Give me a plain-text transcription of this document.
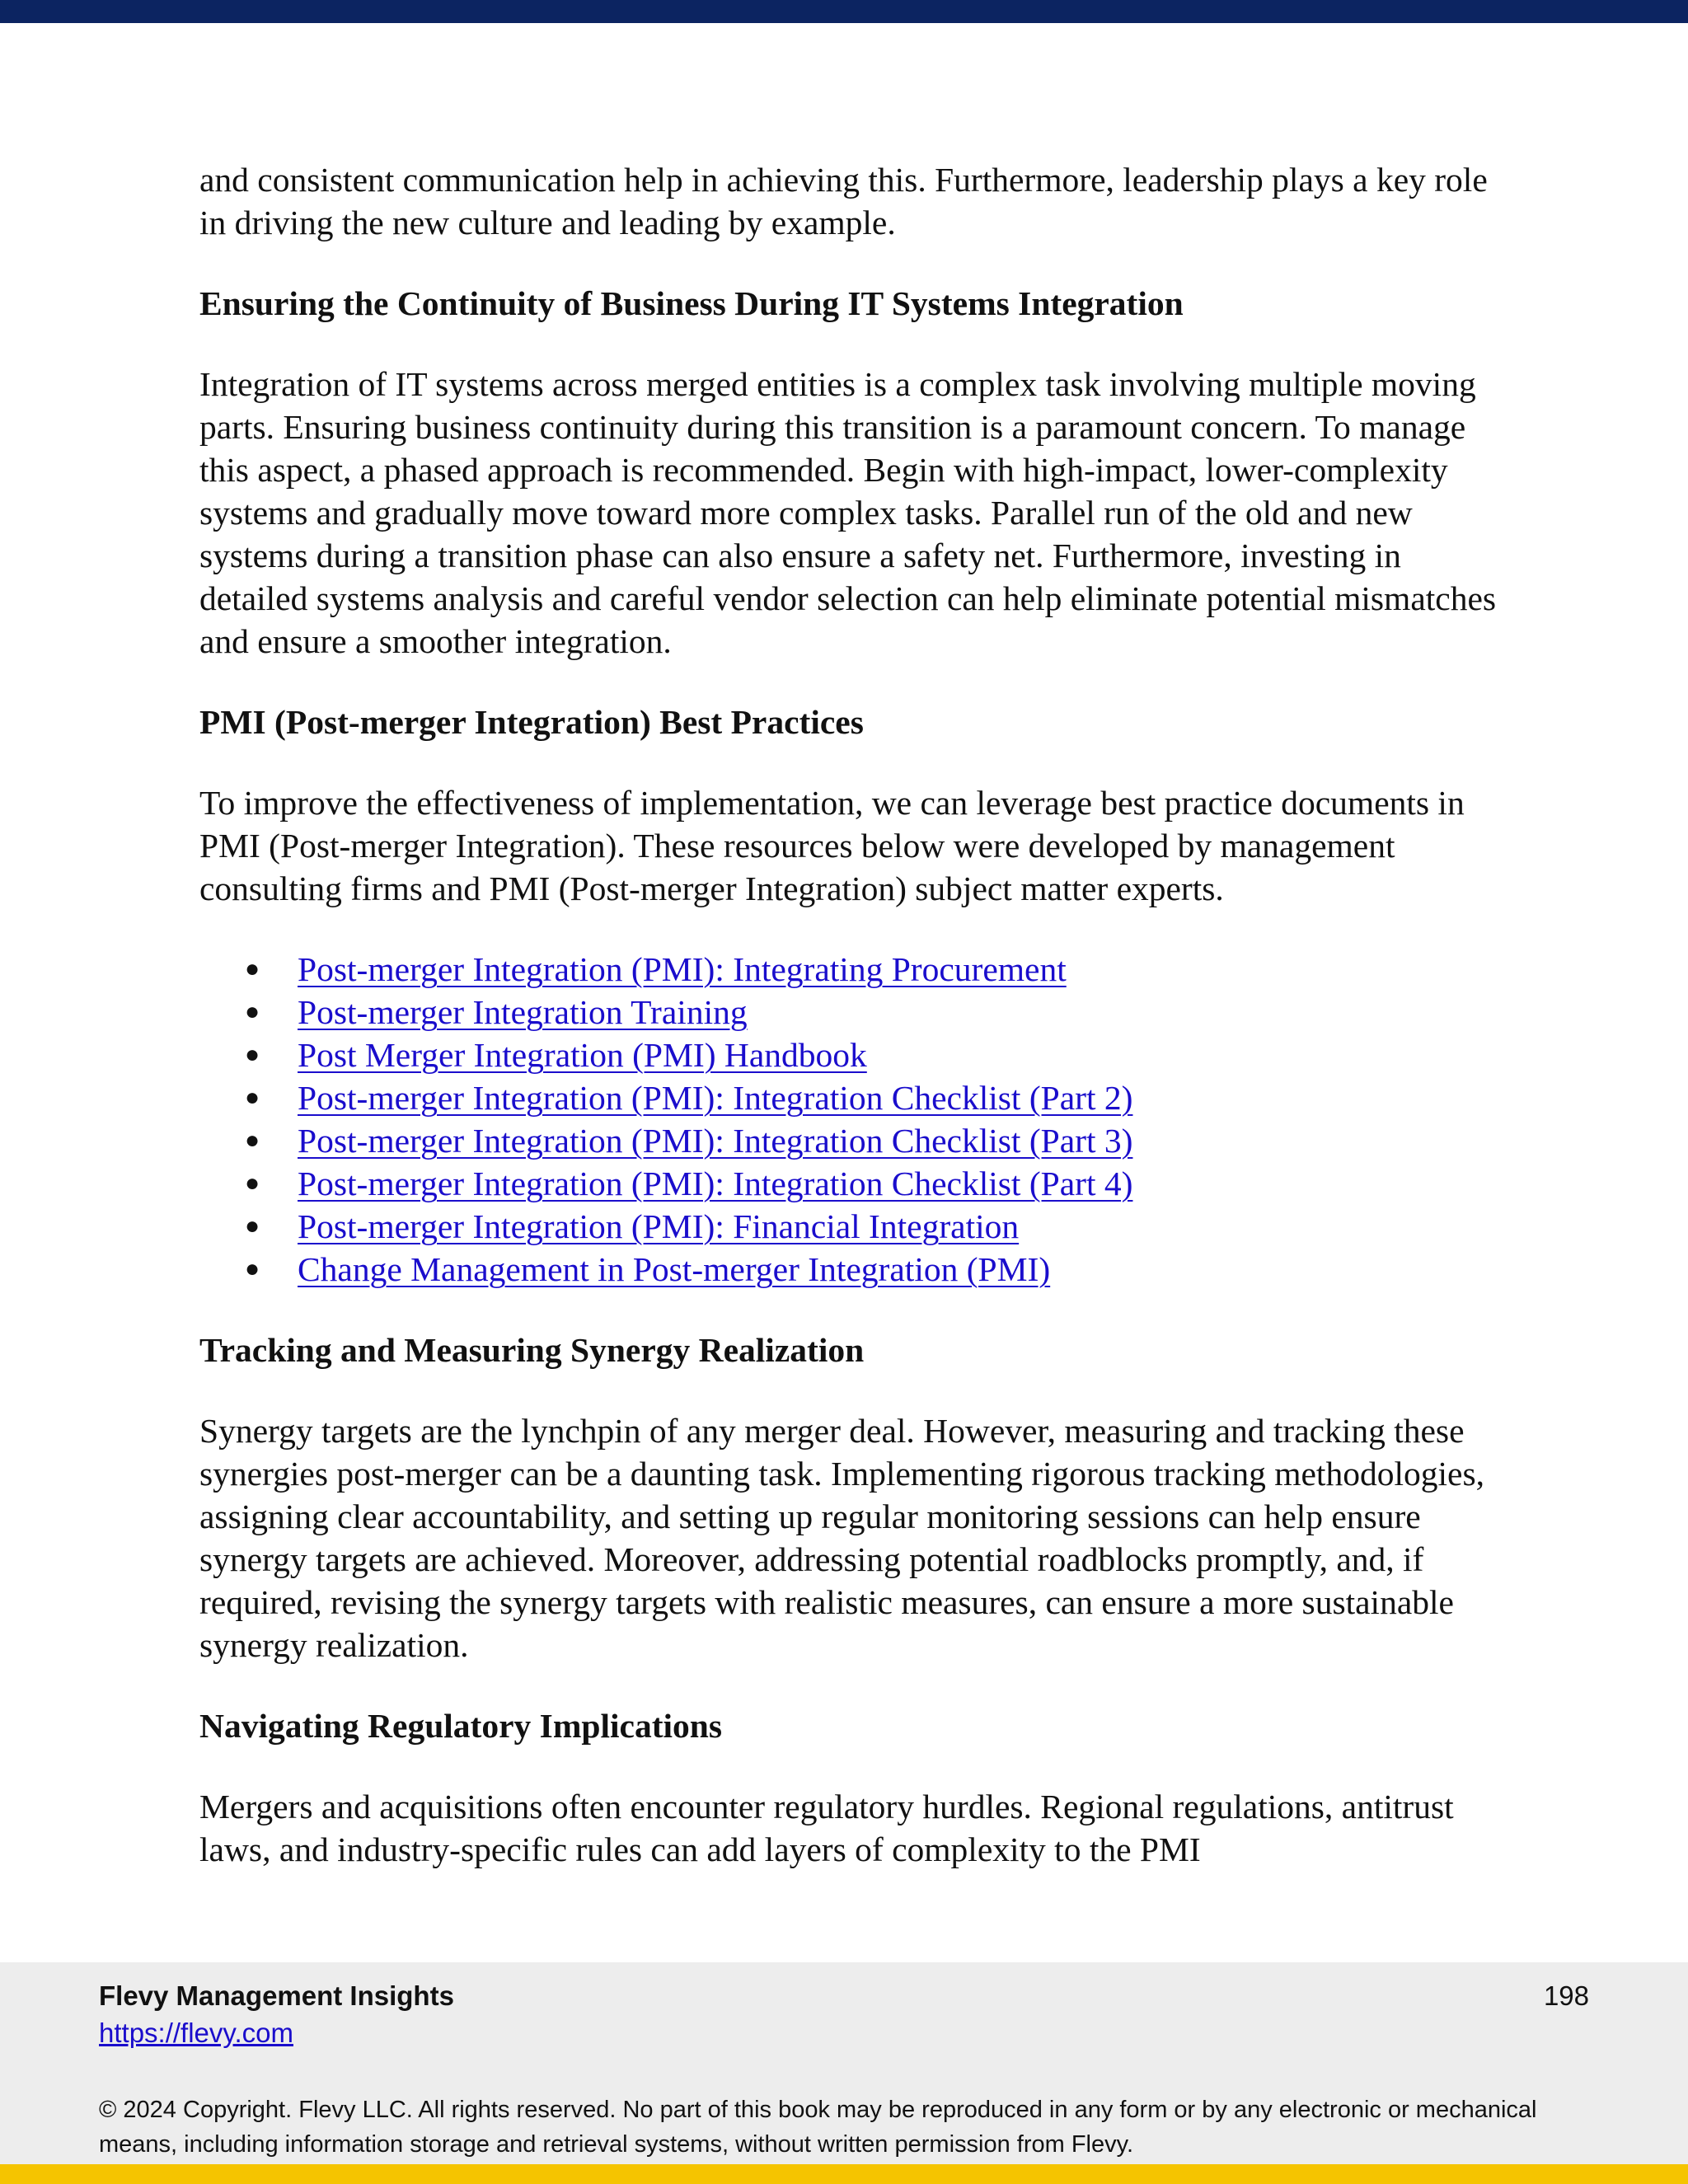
and consistent communication help in achieving this. Furthermore, leadership plays a key role in driving the new culture and leading by example.

Ensuring the Continuity of Business During IT Systems Integration

Integration of IT systems across merged entities is a complex task involving multiple moving parts. Ensuring business continuity during this transition is a paramount concern. To manage this aspect, a phased approach is recommended. Begin with high-impact, lower-complexity systems and gradually move toward more complex tasks. Parallel run of the old and new systems during a transition phase can also ensure a safety net. Furthermore, investing in detailed systems analysis and careful vendor selection can help eliminate potential mismatches and ensure a smoother integration.

PMI (Post-merger Integration) Best Practices

To improve the effectiveness of implementation, we can leverage best practice documents in PMI (Post-merger Integration). These resources below were developed by management consulting firms and PMI (Post-merger Integration) subject matter experts.

● Post-merger Integration (PMI): Integrating Procurement
● Post-merger Integration Training
● Post Merger Integration (PMI) Handbook
● Post-merger Integration (PMI): Integration Checklist (Part 2)
● Post-merger Integration (PMI): Integration Checklist (Part 3)
● Post-merger Integration (PMI): Integration Checklist (Part 4)
● Post-merger Integration (PMI): Financial Integration
● Change Management in Post-merger Integration (PMI)
Tracking and Measuring Synergy Realization

Synergy targets are the lynchpin of any merger deal. However, measuring and tracking these synergies post-merger can be a daunting task. Implementing rigorous tracking methodologies, assigning clear accountability, and setting up regular monitoring sessions can help ensure synergy targets are achieved. Moreover, addressing potential roadblocks promptly, and, if required, revising the synergy targets with realistic measures, can ensure a more sustainable synergy realization.

Navigating Regulatory Implications

Mergers and acquisitions often encounter regulatory hurdles. Regional regulations, antitrust laws, and industry-specific rules can add layers of complexity to the PMI

Flevy Management Insights
https://flevy.com
198
© 2024 Copyright. Flevy LLC. All rights reserved. No part of this book may be reproduced in any form or by any electronic or mechanical means, including information storage and retrieval systems, without written permission from Flevy.
